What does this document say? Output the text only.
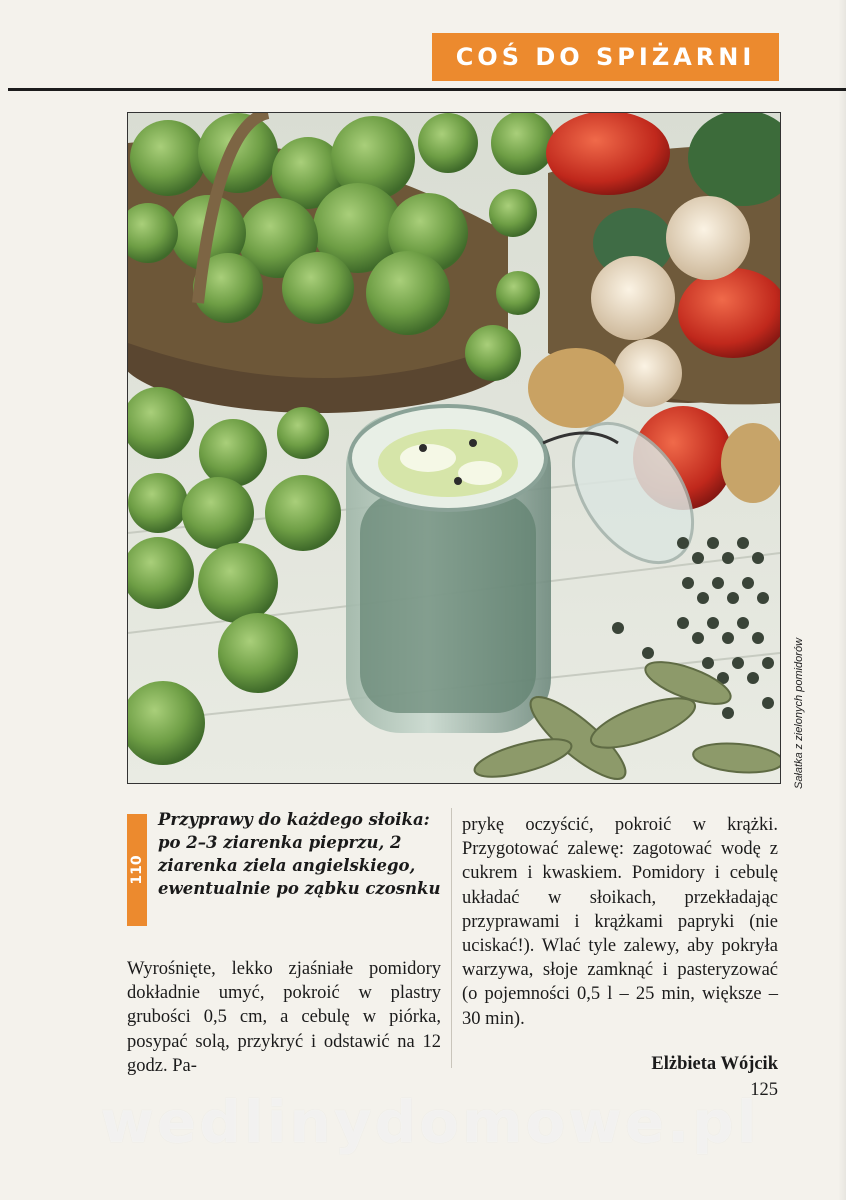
COŚ DO SPIŻARNI
Sałatka z zielonych pomidorów
110

Przyprawy do każdego słoika: po 2–3 ziarenka pieprzu, 2 ziarenka ziela angielskiego, ewentualnie po ząbku czosnku

Wyrośnięte, lekko zjaśniałe pomidory dokładnie umyć, pokroić w plastry grubości 0,5 cm, a cebulę w piórka, posypać solą, przykryć i odstawić na 12 godz. Pa-

prykę oczyścić, pokroić w krążki. Przygotować zalewę: zagotować wodę z cukrem i kwaskiem. Pomidory i cebulę układać w słoikach, przekładając przyprawami i krążkami papryki (nie uciskać!). Wlać tyle zalewy, aby pokryła warzywa, słoje zamknąć i pasteryzować (o pojemności 0,5 l – 25 min, większe – 30 min).

Elżbieta Wójcik
125
wedlinydomowe.pl
